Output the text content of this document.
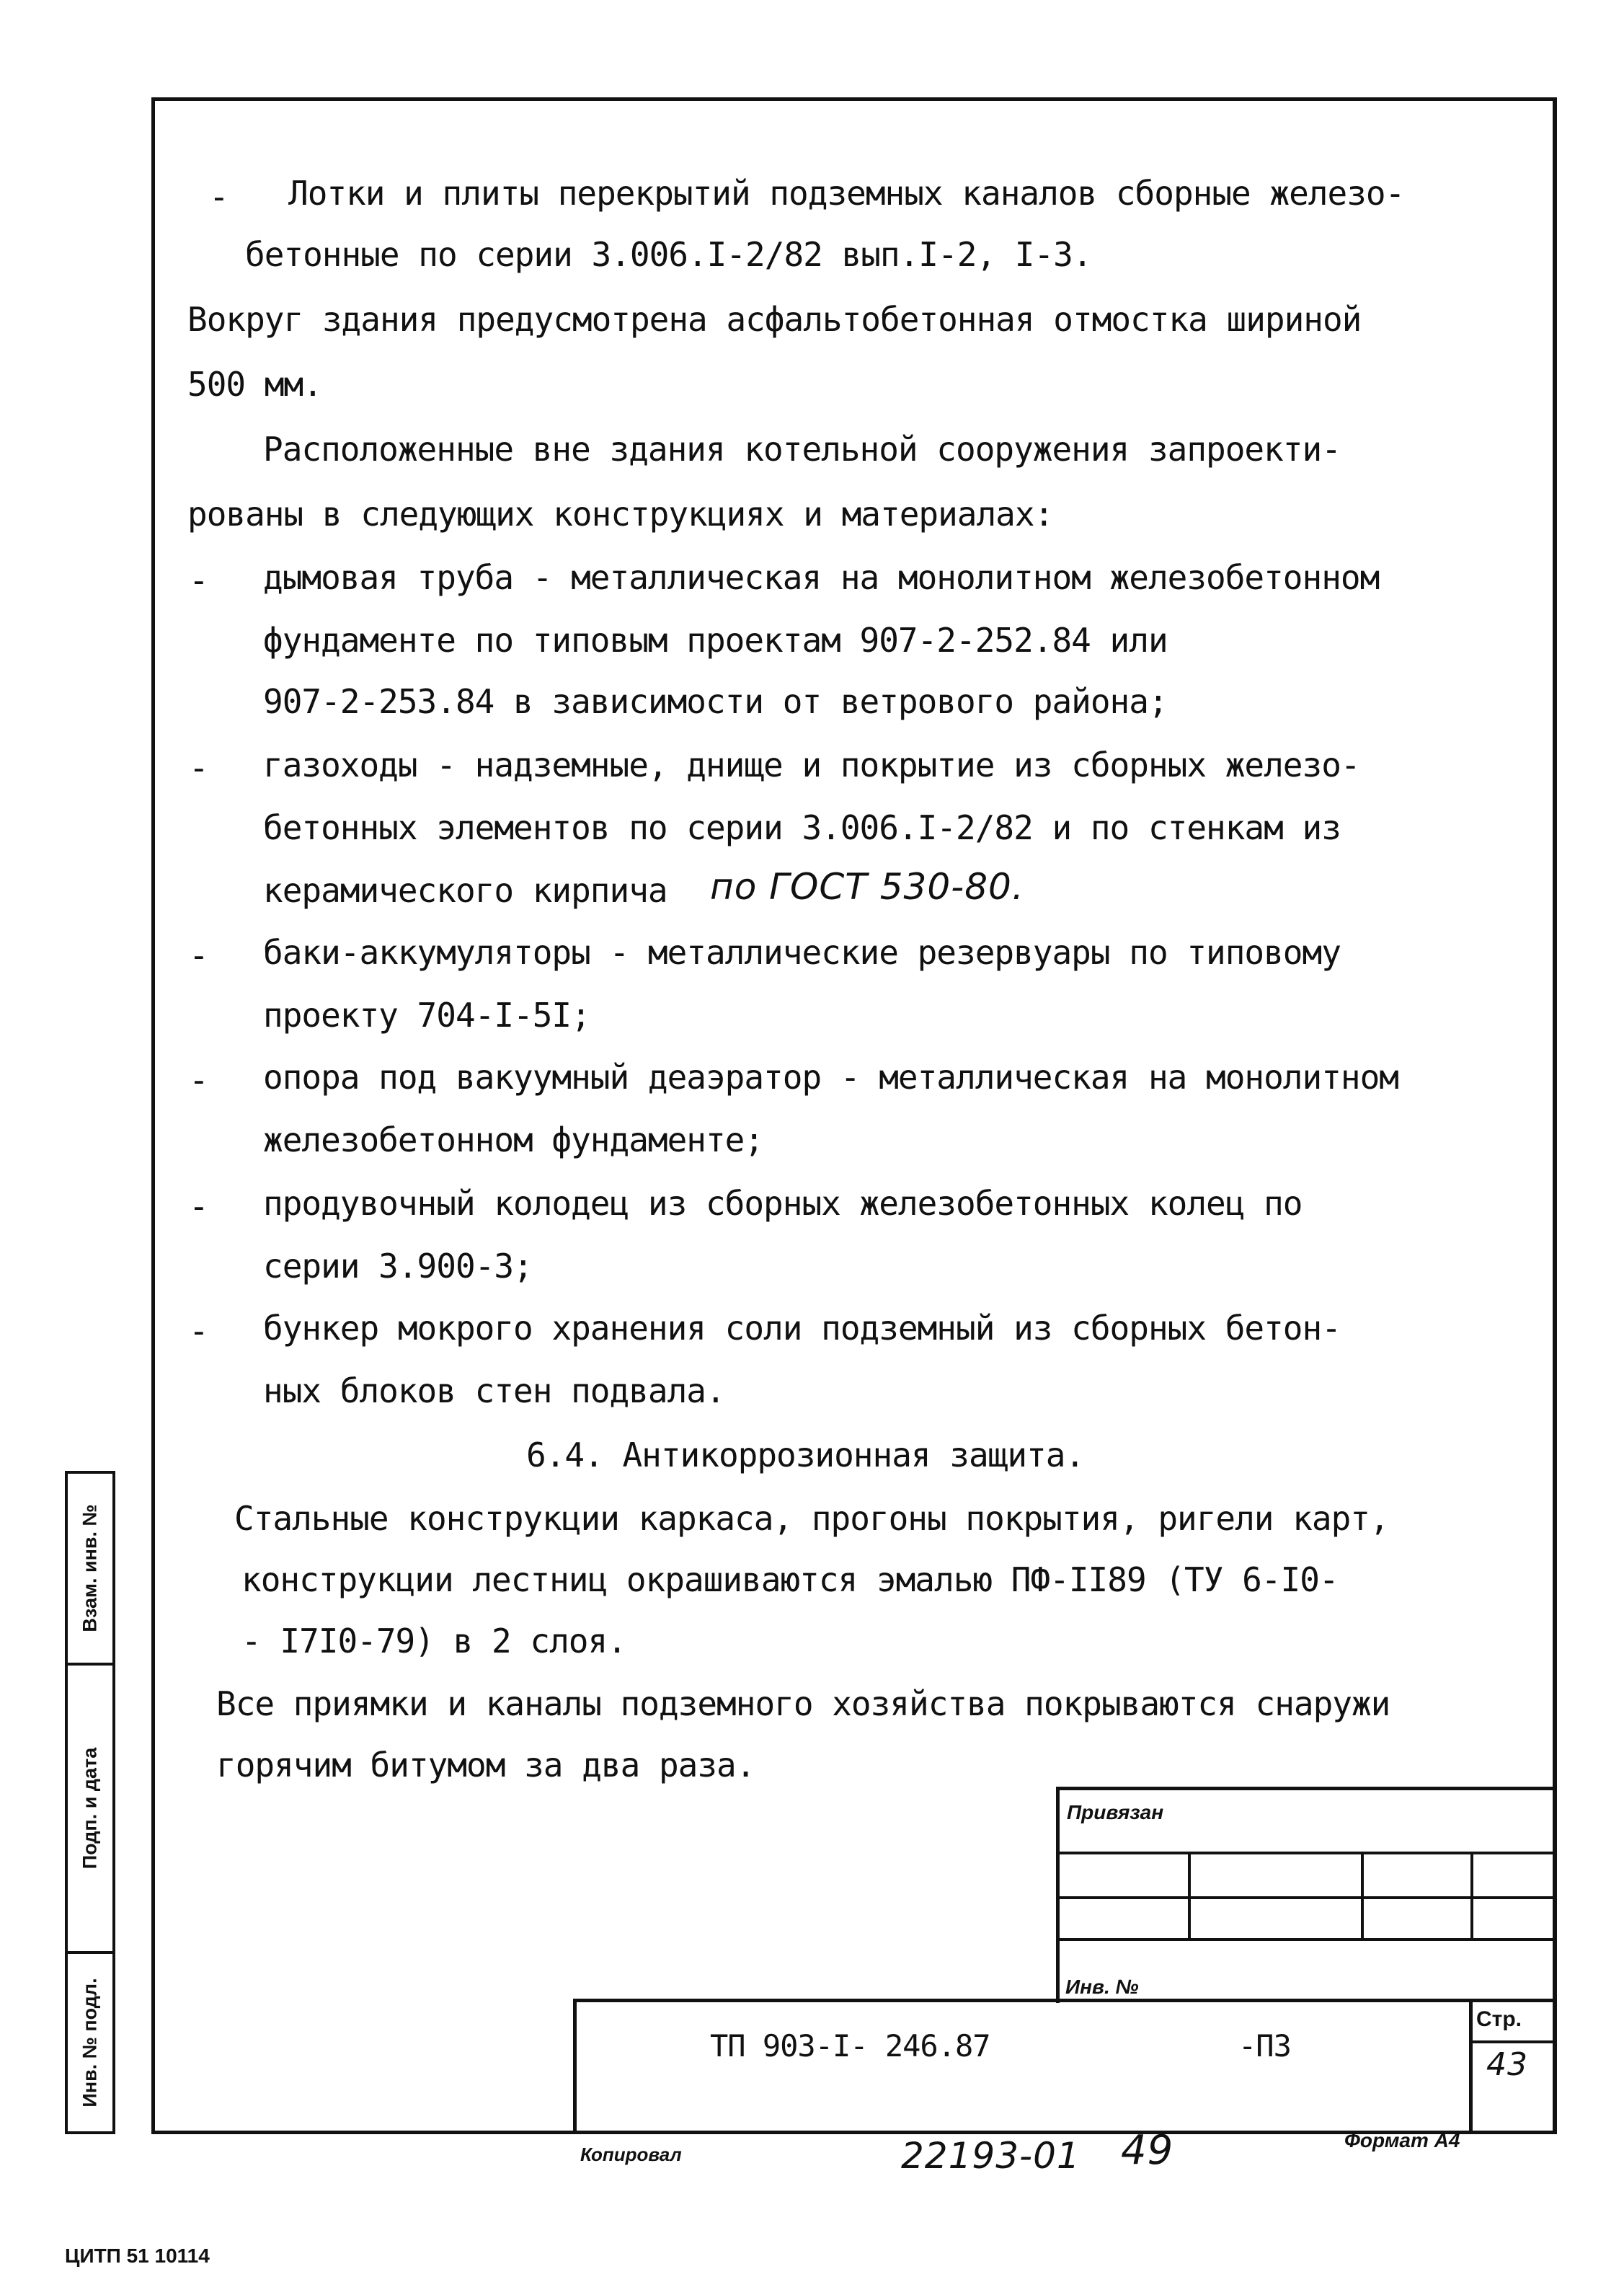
- Лотки и плиты перекрытий подземных каналов сборные железо-
бетонные по серии 3.006.I-2/82 вып.I-2, I-3.
Вокруг здания предусмотрена асфальтобетонная отмостка шириной
500 мм.
Расположенные вне здания котельной сооружения запроекти-
рованы в следующих конструкциях и материалах:
- дымовая труба - металлическая на монолитном железобетонном
фундаменте по типовым проектам 907-2-252.84 или
907-2-253.84 в зависимости от ветрового района;
- газоходы - надземные, днище и покрытие из сборных железо-
бетонных элементов по серии 3.006.I-2/82 и по стенкам из
керамического кирпича по ГОСТ 530-80.
- баки-аккумуляторы - металлические резервуары по типовому
проекту 704-I-5I;
- опора под вакуумный деаэратор - металлическая на монолитном
железобетонном фундаменте;
- продувочный колодец из сборных железобетонных колец по
серии 3.900-3;
- бункер мокрого хранения соли подземный из сборных бетон-
ных блоков стен подвала.
6.4. Антикоррозионная защита.
Стальные конструкции каркаса, прогоны покрытия, ригели карт,
конструкции лестниц окрашиваются эмалью ПФ-II89 (ТУ 6-I0-
- I7I0-79) в 2 слоя.
Все приямки и каналы подземного хозяйства покрываются снаружи
горячим битумом за два раза.
Взам. инв. №
Подп. и дата
Инв. № подл.
Привязан
Инв. №
ТП 903-I- 246.87	-ПЗ
Стр.
43
Копировал	22193-01 49	Формат А4
ЦИТП 51 10114
